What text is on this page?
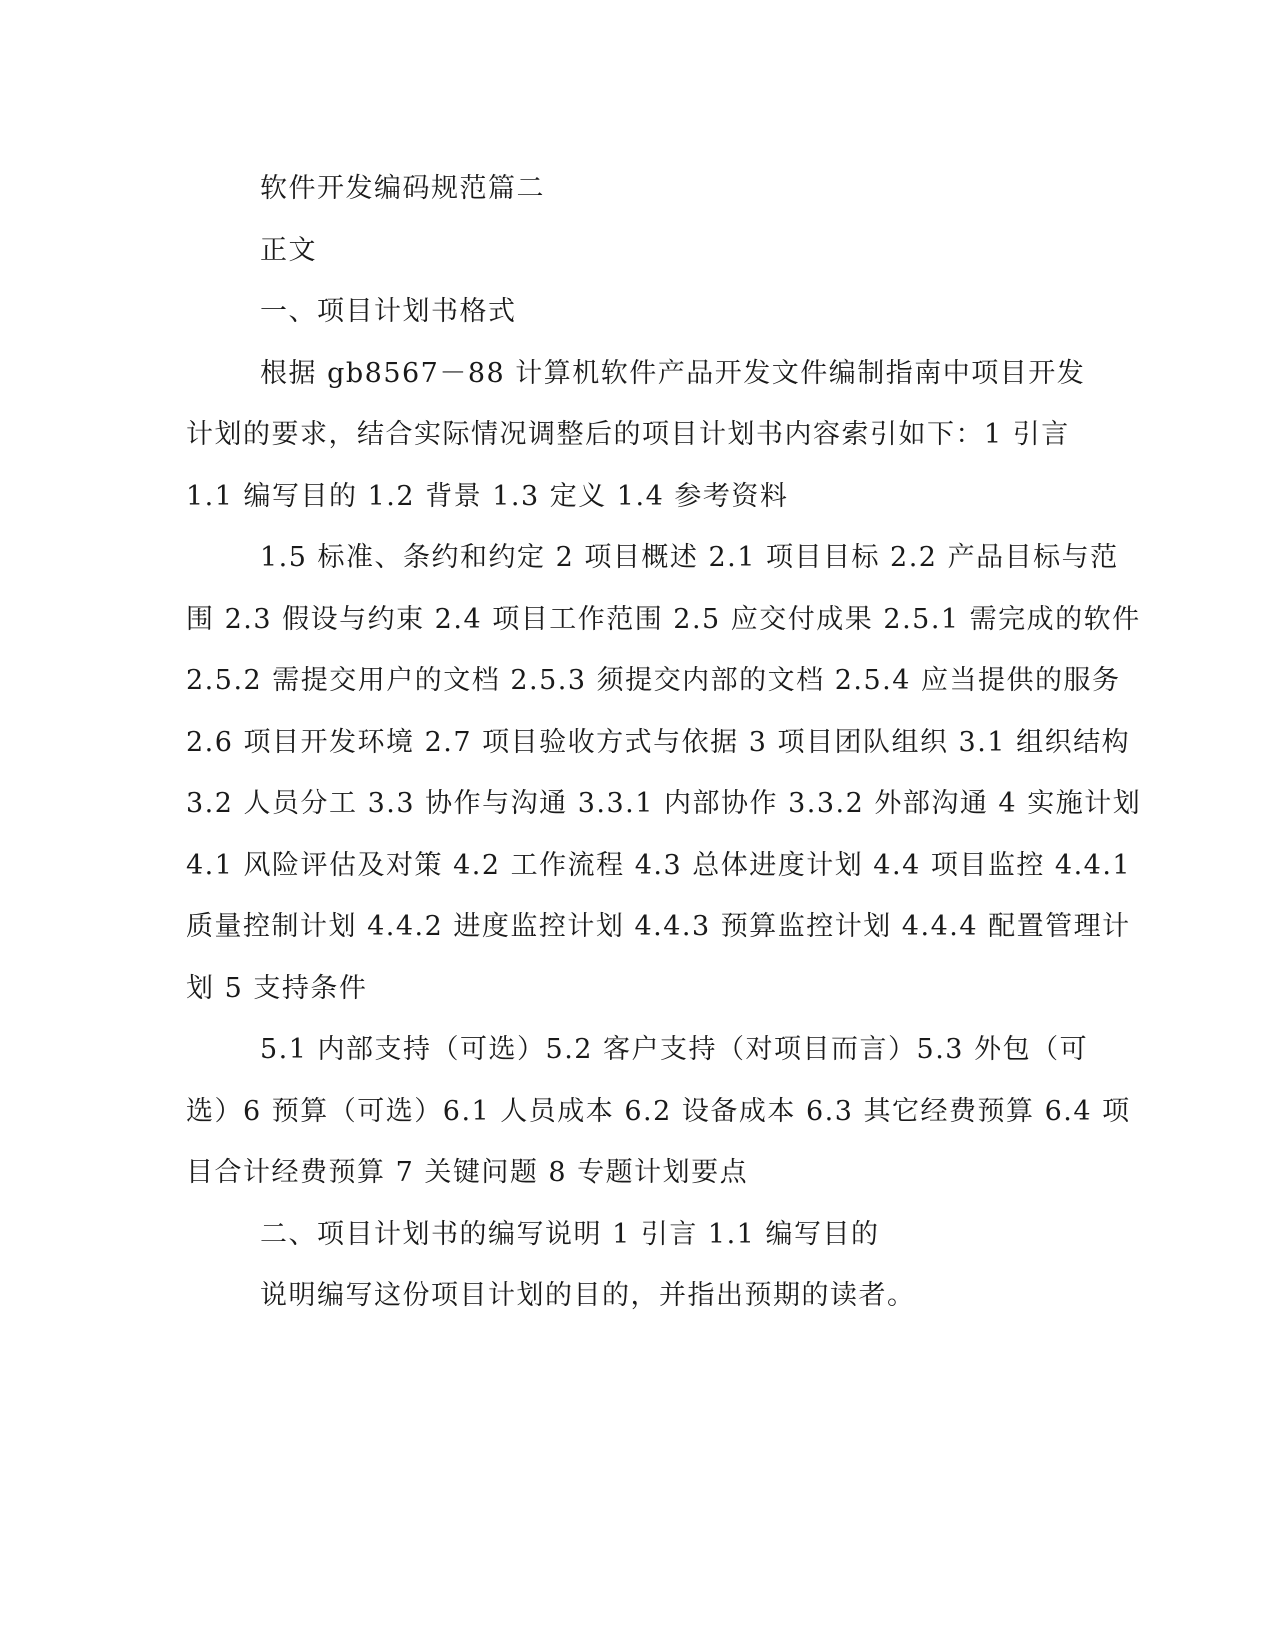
软件开发编码规范篇二

正文

一、项目计划书格式

根据 gb8567－88 计算机软件产品开发文件编制指南中项目开发

计划的要求，结合实际情况调整后的项目计划书内容索引如下：1 引言

1.1 编写目的 1.2 背景 1.3 定义 1.4 参考资料

1.5 标准、条约和约定 2 项目概述 2.1 项目目标 2.2 产品目标与范

围 2.3 假设与约束 2.4 项目工作范围 2.5 应交付成果 2.5.1 需完成的软件

2.5.2 需提交用户的文档 2.5.3 须提交内部的文档 2.5.4 应当提供的服务

2.6 项目开发环境 2.7 项目验收方式与依据 3 项目团队组织 3.1 组织结构

3.2 人员分工 3.3 协作与沟通 3.3.1 内部协作 3.3.2 外部沟通 4 实施计划

4.1 风险评估及对策 4.2 工作流程 4.3 总体进度计划 4.4 项目监控 4.4.1

质量控制计划 4.4.2 进度监控计划 4.4.3 预算监控计划 4.4.4 配置管理计

划 5 支持条件

5.1 内部支持（可选）5.2 客户支持（对项目而言）5.3 外包（可

选）6 预算（可选）6.1 人员成本 6.2 设备成本 6.3 其它经费预算 6.4 项

目合计经费预算 7 关键问题 8 专题计划要点

二、项目计划书的编写说明 1 引言 1.1 编写目的

说明编写这份项目计划的目的，并指出预期的读者。
